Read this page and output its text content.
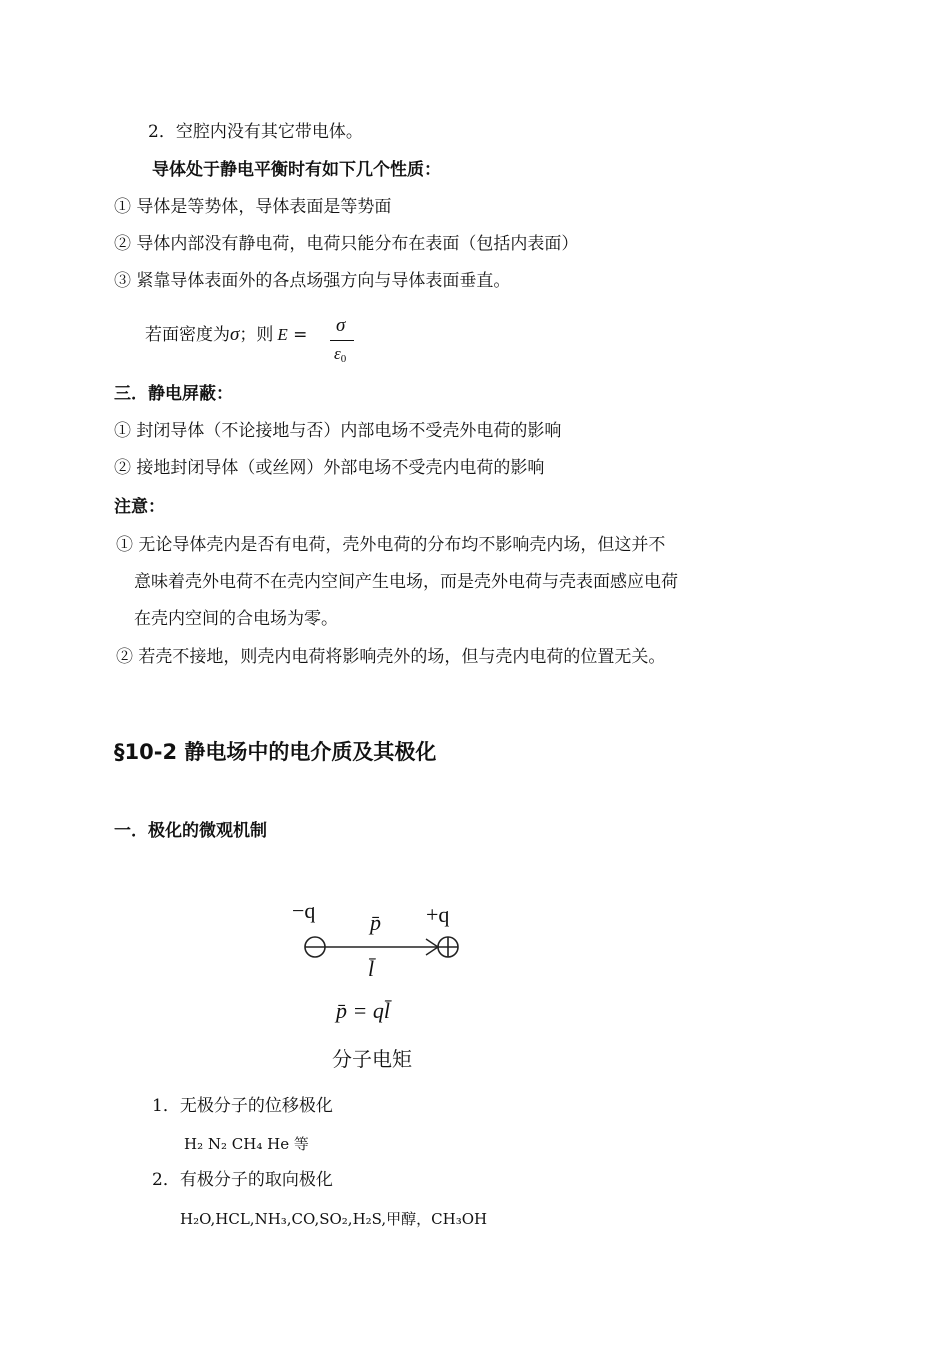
2．空腔内没有其它带电体。
导体处于静电平衡时有如下几个性质：
① 导体是等势体，导体表面是等势面
② 导体内部没有静电荷，电荷只能分布在表面（包括内表面）
③ 紧靠导体表面外的各点场强方向与导体表面垂直。
若面密度为σ；则 E = σ
$\varepsilon_0$
三．静电屏蔽：
① 封闭导体（不论接地与否）内部电场不受壳外电荷的影响
② 接地封闭导体（或丝网）外部电场不受壳内电荷的影响
注意：
① 无论导体壳内是否有电荷，壳外电荷的分布均不影响壳内场，但这并不
意味着壳外电荷不在壳内空间产生电场，而是壳外电荷与壳表面感应电荷
在壳内空间的合电场为零。
② 若壳不接地，则壳内电荷将影响壳外的场，但与壳内电荷的位置无关。
§10-2 静电场中的电介质及其极化
一．极化的微观机制
−q	+q
p̄
l̄
p̄ = ql̄
分子电矩
1．无极分子的位移极化
H₂ N₂ CH₄ He 等
2．有极分子的取向极化
H₂O,HCL,NH₃,CO,SO₂,H₂S,甲醇，CH₃OH
